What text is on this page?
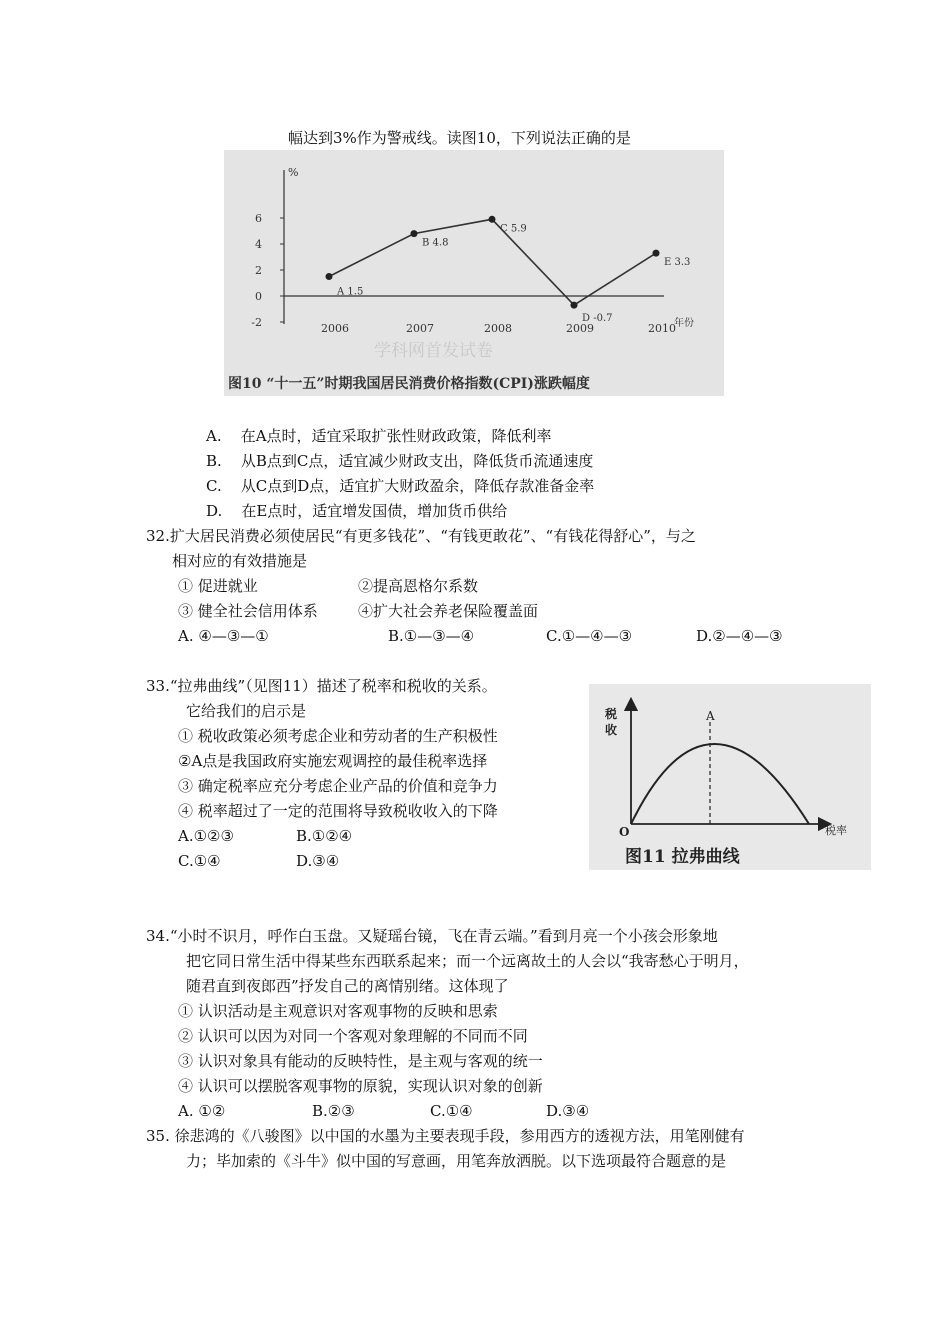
幅达到3%作为警戒线。读图10，下列说法正确的是
%
年份
6
4
2
0
-2	2006	2007	2008	2009	2010
A 1.5
B 4.8
C 5.9
D -0.7
E 3.3
学科网首发试卷
图10 “十一五”时期我国居民消费价格指数(CPI)涨跌幅度
A. 在A点时，适宜采取扩张性财政政策，降低利率
B. 从B点到C点，适宜减少财政支出，降低货币流通速度
C. 从C点到D点，适宜扩大财政盈余，降低存款准备金率
D. 在E点时，适宜增发国债，增加货币供给
32.扩大居民消费必须使居民“有更多钱花”、“有钱更敢花”、“有钱花得舒心”，与之
相对应的有效措施是
① 促进就业	②提高恩格尔系数
③ 健全社会信用体系	④扩大社会养老保险覆盖面
A. ④—③—①	B.①—③—④	C.①—④—③	D.②—④—③
33.“拉弗曲线”（见图11）描述了税率和税收的关系。
它给我们的启示是
① 税收政策必须考虑企业和劳动者的生产积极性
②A点是我国政府实施宏观调控的最佳税率选择
③ 确定税率应充分考虑企业产品的价值和竞争力
④ 税率超过了一定的范围将导致税收收入的下降
A.①②③	B.①②④
C.①④	D.③④
A
税
收
O	税率
图11 拉弗曲线
34.“小时不识月，呼作白玉盘。又疑瑶台镜，飞在青云端。”看到月亮一个小孩会形象地
把它同日常生活中得某些东西联系起来；而一个远离故土的人会以“我寄愁心于明月，
随君直到夜郎西”抒发自己的离情别绪。这体现了
① 认识活动是主观意识对客观事物的反映和思索
② 认识可以因为对同一个客观对象理解的不同而不同
③ 认识对象具有能动的反映特性，是主观与客观的统一
④ 认识可以摆脱客观事物的原貌，实现认识对象的创新
A. ①②	B.②③	C.①④	D.③④
35. 徐悲鸿的《八骏图》以中国的水墨为主要表现手段，参用西方的透视方法，用笔刚健有
力；毕加索的《斗牛》似中国的写意画，用笔奔放洒脱。以下选项最符合题意的是
